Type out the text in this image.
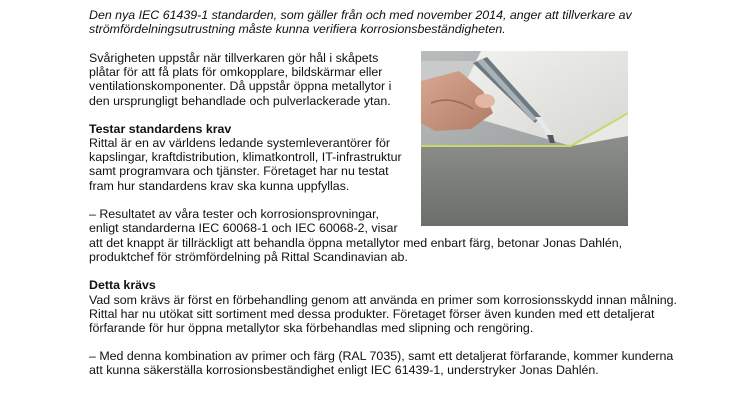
Den nya IEC 61439-1 standarden, som gäller från och med november 2014, anger att tillverkare av strömfördelningsutrustning måste kunna verifiera korrosionsbeständigheten.

Svårigheten uppstår när tillverkaren gör hål i skåpets plåtar för att få plats för omkopplare, bildskärmar eller ventilationskomponenter. Då uppstår öppna metallytor i den ursprungligt behandlade och pulverlackerade ytan.

Testar standardens krav

Rittal är en av världens ledande systemleverantörer för kapslingar, kraftdistribution, klimatkontroll, IT-infrastruktur samt programvara och tjänster. Företaget har nu testat fram hur standardens krav ska kunna uppfyllas.

– Resultatet av våra tester och korrosionsprovningar,

enligt standarderna IEC 60068-1 och IEC 60068-2, visar

att det knappt är tillräckligt att behandla öppna metallytor med enbart färg, betonar Jonas Dahlén, produktchef för strömfördelning på Rittal Scandinavian ab.

Detta krävs

Vad som krävs är först en förbehandling genom att använda en primer som korrosionsskydd innan målning. Rittal har nu utökat sitt sortiment med dessa produkter. Företaget förser även kunden med ett detaljerat förfarande för hur öppna metallytor ska förbehandlas med slipning och rengöring.

– Med denna kombination av primer och färg (RAL 7035), samt ett detaljerat förfarande, kommer kunderna att kunna säkerställa korrosionsbeständighet enligt IEC 61439-1, understryker Jonas Dahlén.
